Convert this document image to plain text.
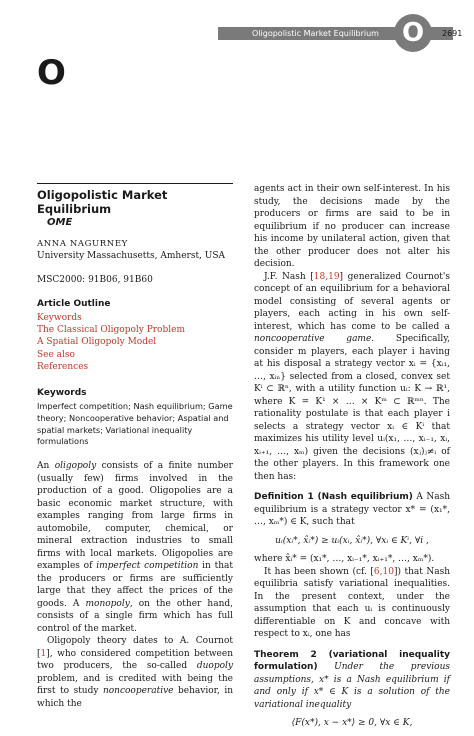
Oligopolistic Market Equilibrium O	2691
O
Oligopolistic Market Equilibrium
OME
ANNA NAGURNEY
University Massachusetts, Amherst, USA
MSC2000: 91B06, 91B60
Article Outline
Keywords
The Classical Oligopoly Problem
A Spatial Oligopoly Model
See also
References
Keywords
Imperfect competition; Nash equilibrium; Game theory; Noncooperative behavior; Aspatial and spatial markets; Variational inequality formulations

An oligopoly consists of a finite number (usually few) firms involved in the production of a good. Oligopolies are a basic economic market structure, with examples ranging from large firms in automobile, computer, chemical, or mineral extraction industries to small firms with local markets. Oligopolies are examples of imperfect competition in that the producers or firms are sufficiently large that they affect the prices of the goods. A monopoly, on the other hand, consists of a single firm which has full control of the market.

Oligopoly theory dates to A. Cournot [1], who considered competition between two producers, the so-called duopoly problem, and is credited with being the first to study noncooperative behavior, in which the

agents act in their own self-interest. In his study, the decisions made by the producers or firms are said to be in equilibrium if no producer can increase his income by unilateral action, given that the other producer does not alter his decision.

J.F. Nash [18,19] generalized Cournot's concept of an equilibrium for a behavioral model consisting of several agents or players, each acting in his own self-interest, which has come to be called a noncooperative game. Specifically, consider m players, each player i having at his disposal a strategy vector xᵢ = {xᵢ₁, …, xᵢₙ} selected from a closed, convex set Kⁱ ⊂ ℝⁿ, with a utility function uᵢ: K → ℝ¹, where K = K¹ × … × Kᵐ ⊂ ℝᵐⁿ. The rationality postulate is that each player i selects a strategy vector xᵢ ∈ Kⁱ that maximizes his utility level uᵢ(x₁, …, xᵢ₋₁, xᵢ, xᵢ₊₁, …, xₘ) given the decisions (xⱼ)ⱼ≠ᵢ of the other players. In this framework one then has:

Definition 1 (Nash equilibrium) A Nash equilibrium is a strategy vector x* = (x₁*, …, xₘ*) ∈ K, such that

uᵢ(xᵢ*, x̂ᵢ*) ≥ uᵢ(xᵢ, x̂ᵢ*), ∀xᵢ ∈ Kⁱ, ∀i ,

where x̂ᵢ* = (x₁*, …, xᵢ₋₁*, xᵢ₊₁*, …, xₘ*).

It has been shown (cf. [6,10]) that Nash equilibria satisfy variational inequalities. In the present context, under the assumption that each uᵢ is continuously differentiable on K and concave with respect to xᵢ, one has

Theorem 2 (variational inequality formulation) Under the previous assumptions, x* is a Nash equilibrium if and only if x* ∈ K is a solution of the variational inequality

⟨F(x*), x − x*⟩ ≥ 0, ∀x ∈ K,
